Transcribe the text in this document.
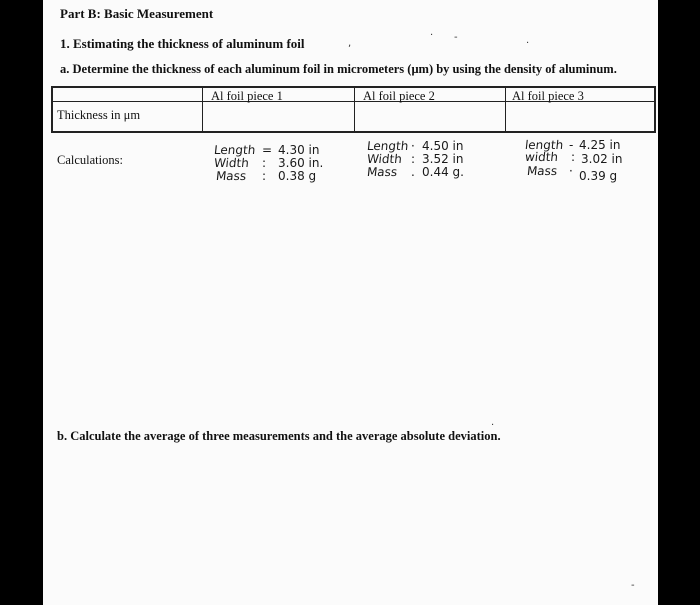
Part B: Basic Measurement
1. Estimating the thickness of aluminum foil
a. Determine the thickness of each aluminum foil in micrometers (μm) by using the density of aluminum.
Al foil piece 1	Al foil piece 2	Al foil piece 3
Thickness in μm
Calculations:
Length = 4.30 in
Width : 3.60 in.
Mass : 0.38 g
Length · 4.50 in
Width : 3.52 in
Mass . 0.44 g.
length - 4.25 in
width : 3.02 in
Mass · 0.39 g
,
· -
·
·
-
b. Calculate the average of three measurements and the average absolute deviation.
